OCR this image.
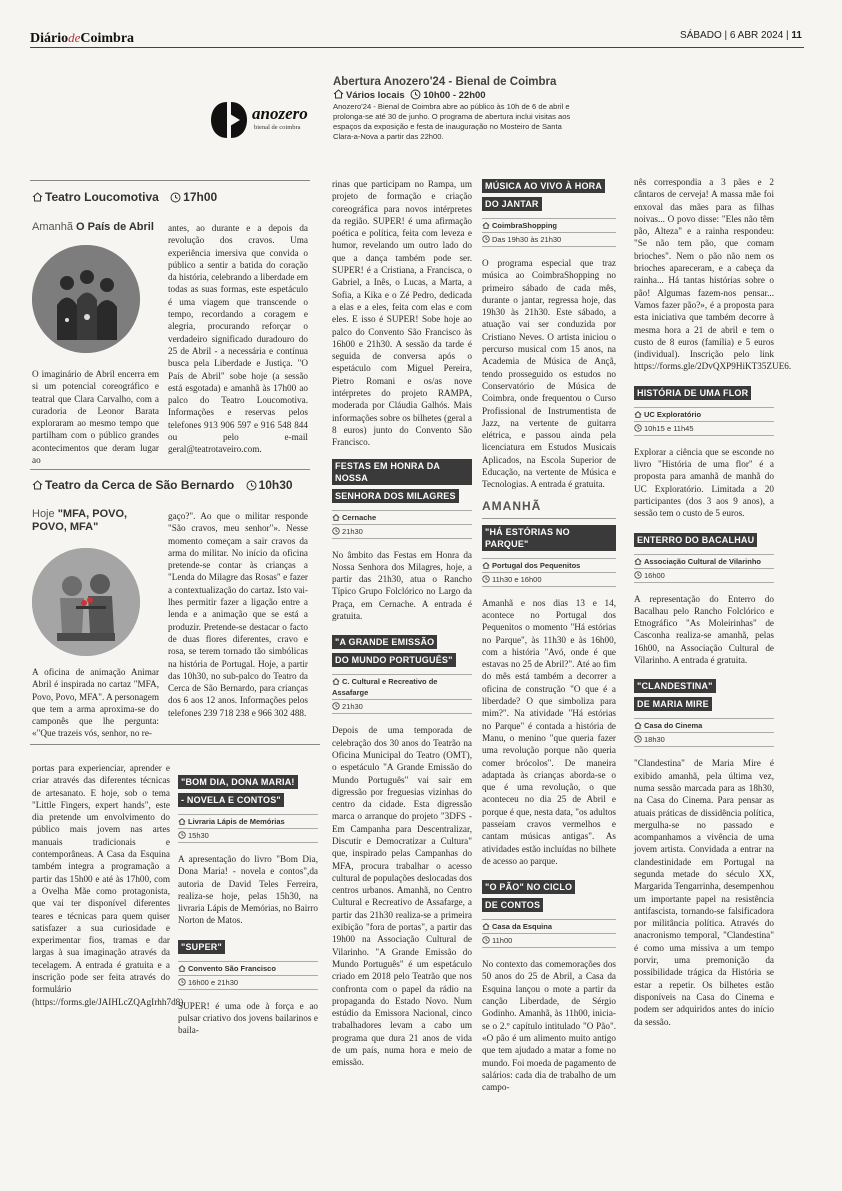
DiáriodeCoimbra	SÁBADO | 6 ABR 2024 | 11
anozero
bienal de coimbra
Abertura Anozero'24 - Bienal de Coimbra
Vários locais 10h00 - 22h00
Anozero'24 - Bienal de Coimbra abre ao público às 10h de 6 de abril e prolonga-se até 30 de junho. O programa de abertura inclui visitas aos espaços da exposição e festa de inauguração no Mosteiro de Santa Clara-a-Nova a partir das 22h00.
Teatro Loucomotiva 17h00
Amanhã O País de Abril
O imaginário de Abril encerra em si um potencial coreográfico e teatral que Clara Carvalho, com a curadoria de Leonor Barata exploraram ao mesmo tempo que partilham com o público grandes acontecimentos que deram lugar ao
antes, ao durante e a depois da revolução dos cravos. Uma experiência imersiva que convida o público a sentir a batida do coração da história, celebrando a liberdade em todas as suas formas, este espetáculo é uma viagem que transcende o tempo, recordando a coragem e alegria, procurando reforçar o verdadeiro significado duradouro do 25 de Abril - a necessária e contínua busca pela Liberdade e Justiça. "O País de Abril" sobe hoje (a sessão está esgotada) e amanhã às 17h00 ao palco do Teatro Loucomotiva. Informações e reservas pelos telefones 913 906 597 e 916 548 844 ou pelo e-mail geral@teatrotaveiro.com.
Teatro da Cerca de São Bernardo 10h30
Hoje "MFA, POVO, POVO, MFA"
A oficina de animação Animar Abril é inspirada no cartaz "MFA, Povo, Povo, MFA". A personagem que tem a arma aproxima-se do camponês que lhe pergunta: «"Que trazeis vós, senhor, no re-
gaço?". Ao que o militar responde "São cravos, meu senhor"». Nesse momento começam a sair cravos da arma do militar. No início da oficina pretende-se contar às crianças a "Lenda do Milagre das Rosas" e fazer a contextualização do cartaz. Isto vai-lhes permitir fazer a ligação entre a lenda e a animação que se está a produzir. Pretende-se destacar o facto de duas flores diferentes, cravo e rosa, se terem tornado tão simbólicas na história de Portugal. Hoje, a partir das 10h30, no sub-palco do Teatro da Cerca de São Bernardo, para crianças dos 6 aos 12 anos. Informações pelos telefones 239 718 238 e 966 302 488.
portas para experienciar, aprender e criar através das diferentes técnicas de artesanato. E hoje, sob o tema "Little Fingers, expert hands", este dia pretende um envolvimento do público mais jovem nas artes manuais tradicionais e contemporâneas. A Casa da Esquina também integra a programação a partir das 15h00 e até às 17h00, com a Ovelha Mãe como protagonista, que vai ter disponível diferentes teares e técnicas para quem quiser satisfazer a sua curiosidade e experimentar fios, tramas e dar largas à sua imaginação através da tecelagem. A entrada é gratuita e a inscrição pode ser feita através do formulário (https://forms.gle/JAIHLcZQAgIrhh7d8).
"BOM DIA, DONA MARIA!
- NOVELA E CONTOS"
Livraria Lápis de Memórias
15h30
A apresentação do livro "Bom Dia, Dona Maria! - novela e contos",da autoria de David Teles Ferreira, realiza-se hoje, pelas 15h30, na livraria Lápis de Memórias, no Bairro Norton de Matos.
"SUPER"
Convento São Francisco
16h00 e 21h30
SUPER! é uma ode à força e ao pulsar criativo dos jovens bailarinos e baila-
rinas que participam no Rampa, um projeto de formação e criação coreográfica para novos intérpretes da região. SUPER! é uma afirmação poética e política, feita com leveza e humor, revelando um outro lado do que a dança também pode ser. SUPER! é a Cristiana, a Francisca, o Gabriel, a Inês, o Lucas, a Marta, a Sofia, a Kika e o Zé Pedro, dedicada a elas e a eles, feita com elas e com eles. E isso é SUPER! Sobe hoje ao palco do Convento São Francisco às 16h00 e 21h30. A sessão da tarde é seguida de conversa após o espetáculo com Miguel Pereira, Pietro Romani e os/as nove intérpretes do projeto RAMPA, moderada por Cláudia Galhós. Mais informações sobre os bilhetes (geral a 8 euros) junto do Convento São Francisco.
FESTAS EM HONRA DA NOSSA
SENHORA DOS MILAGRES
Cernache
21h30
No âmbito das Festas em Honra da Nossa Senhora dos Milagres, hoje, a partir das 21h30, atua o Rancho Típico Grupo Folclórico no Largo da Praça, em Cernache. A entrada é gratuita.
"A GRANDE EMISSÃO
DO MUNDO PORTUGUÊS"
C. Cultural e Recreativo de Assafarge
21h30
Depois de uma temporada de celebração dos 30 anos do Teatrão na Oficina Municipal do Teatro (OMT), o espetáculo "A Grande Emissão do Mundo Português" vai sair em digressão por freguesias vizinhas do centro da cidade. Esta digressão marca o arranque do projeto "3DFS - Em Campanha para Descentralizar, Discutir e Democratizar a Cultura" que, inspirado pelas Campanhas do MFA, procura trabalhar o acesso cultural de populações deslocadas dos centros urbanos. Amanhã, no Centro Cultural e Recreativo de Assafarge, a partir das 21h30 realiza-se a primeira exibição "fora de portas", a partir das 19h00 na Associação Cultural de Vilarinho. "A Grande Emissão do Mundo Português" é um espetáculo criado em 2018 pelo Teatrão que nos confronta com o papel da rádio na propaganda do Estado Novo. Num estúdio da Emissora Nacional, cinco trabalhadores levam a cabo um programa que dura 21 anos de vida de um país, numa hora e meio de emissão.
MÚSICA AO VIVO À HORA
DO JANTAR
CoimbraShopping
Das 19h30 às 21h30
O programa especial que traz música ao CoimbraShopping no primeiro sábado de cada mês, durante o jantar, regressa hoje, das 19h30 às 21h30. Este sábado, a atuação vai ser conduzida por Cristiano Neves. O artista iniciou o percurso musical com 15 anos, na Academia de Música de Ançã, tendo prosseguido os estudos no Conservatório de Música de Coimbra, onde frequentou o Curso Profissional de Instrumentista de Jazz, na vertente de guitarra elétrica, e passou ainda pela licenciatura em Estudos Musicais Aplicados, na Escola Superior de Educação, na vertente de Música e Tecnologias. A entrada é gratuita.
AMANHÃ
"HÁ ESTÓRIAS NO PARQUE"
Portugal dos Pequenitos
11h30 e 16h00
Amanhã e nos dias 13 e 14, acontece no Portugal dos Pequenitos o momento "Há estórias no Parque", às 11h30 e às 16h00, com a história "Avó, onde é que estavas no 25 de Abril?". Até ao fim do mês está também a decorrer a oficina de construção "O que é a liberdade? O que simboliza para mim?". Na atividade "Há estórias no Parque" é contada a história de Manu, o menino "que queria fazer uma revolução porque não queria comer brócolos". De maneira adaptada às crianças aborda-se o que é uma revolução, o que aconteceu no dia 25 de Abril e porque é que, nesta data, "os adultos passeiam cravos vermelhos e cantam músicas antigas". As atividades estão incluídas no bilhete de acesso ao parque.
"O PÃO" NO CICLO
DE CONTOS
Casa da Esquina
11h00
No contexto das comemorações dos 50 anos do 25 de Abril, a Casa da Esquina lançou o mote a partir da canção Liberdade, de Sérgio Godinho. Amanhã, às 11h00, inicia-se o 2.º capítulo intitulado "O Pão". «O pão é um alimento muito antigo que tem ajudado a matar a fome no mundo. Foi moeda de pagamento de salários: cada dia de trabalho de um campo-
nês correspondia a 3 pães e 2 cântaros de cerveja! A massa mãe foi enxoval das mães para as filhas noivas... O povo disse: "Eles não têm pão, Alteza" e a rainha respondeu: "Se não tem pão, que comam brioches". Nem o pão não nem os brioches apareceram, e a cabeça da rainha... Há tantas histórias sobre o pão! Algumas fazem-nos pensar... Vamos fazer pão?», é a proposta para esta iniciativa que também decorre à mesma hora a 21 de abril e tem o custo de 8 euros (família) e 5 euros (individual). Inscrição pelo link https://forms.gle/2DvQXP9HiKT35ZUE6.
HISTÓRIA DE UMA FLOR
UC Exploratório
10h15 e 11h45
Explorar a ciência que se esconde no livro "História de uma flor" é a proposta para amanhã de manhã do UC Exploratório. Limitada a 20 participantes (dos 3 aos 9 anos), a sessão tem o custo de 5 euros.
ENTERRO DO BACALHAU
Associação Cultural de Vilarinho
16h00
A representação do Enterro do Bacalhau pelo Rancho Folclórico e Etnográfico "As Moleirinhas" de Casconha realiza-se amanhã, pelas 16h00, na Associação Cultural de Vilarinho. A entrada é gratuita.
"CLANDESTINA"
DE MARIA MIRE
Casa do Cinema
18h30
"Clandestina" de Maria Mire é exibido amanhã, pela última vez, numa sessão marcada para as 18h30, na Casa do Cinema. Para pensar as atuais práticas de dissidência política, mergulha-se no passado e acompanhamos a vivência de uma jovem artista. Convidada a entrar na clandestinidade em Portugal na segunda metade do século XX, Margarida Tengarrinha, desempenhou um importante papel na resistência antifascista, tornando-se falsificadora por militância política. Através do anacronismo temporal, "Clandestina" é como uma missiva a um tempo porvir, uma premonição da possibilidade trágica da História se estar a repetir. Os bilhetes estão disponíveis na Casa do Cinema e podem ser adquiridos antes do início da sessão.
